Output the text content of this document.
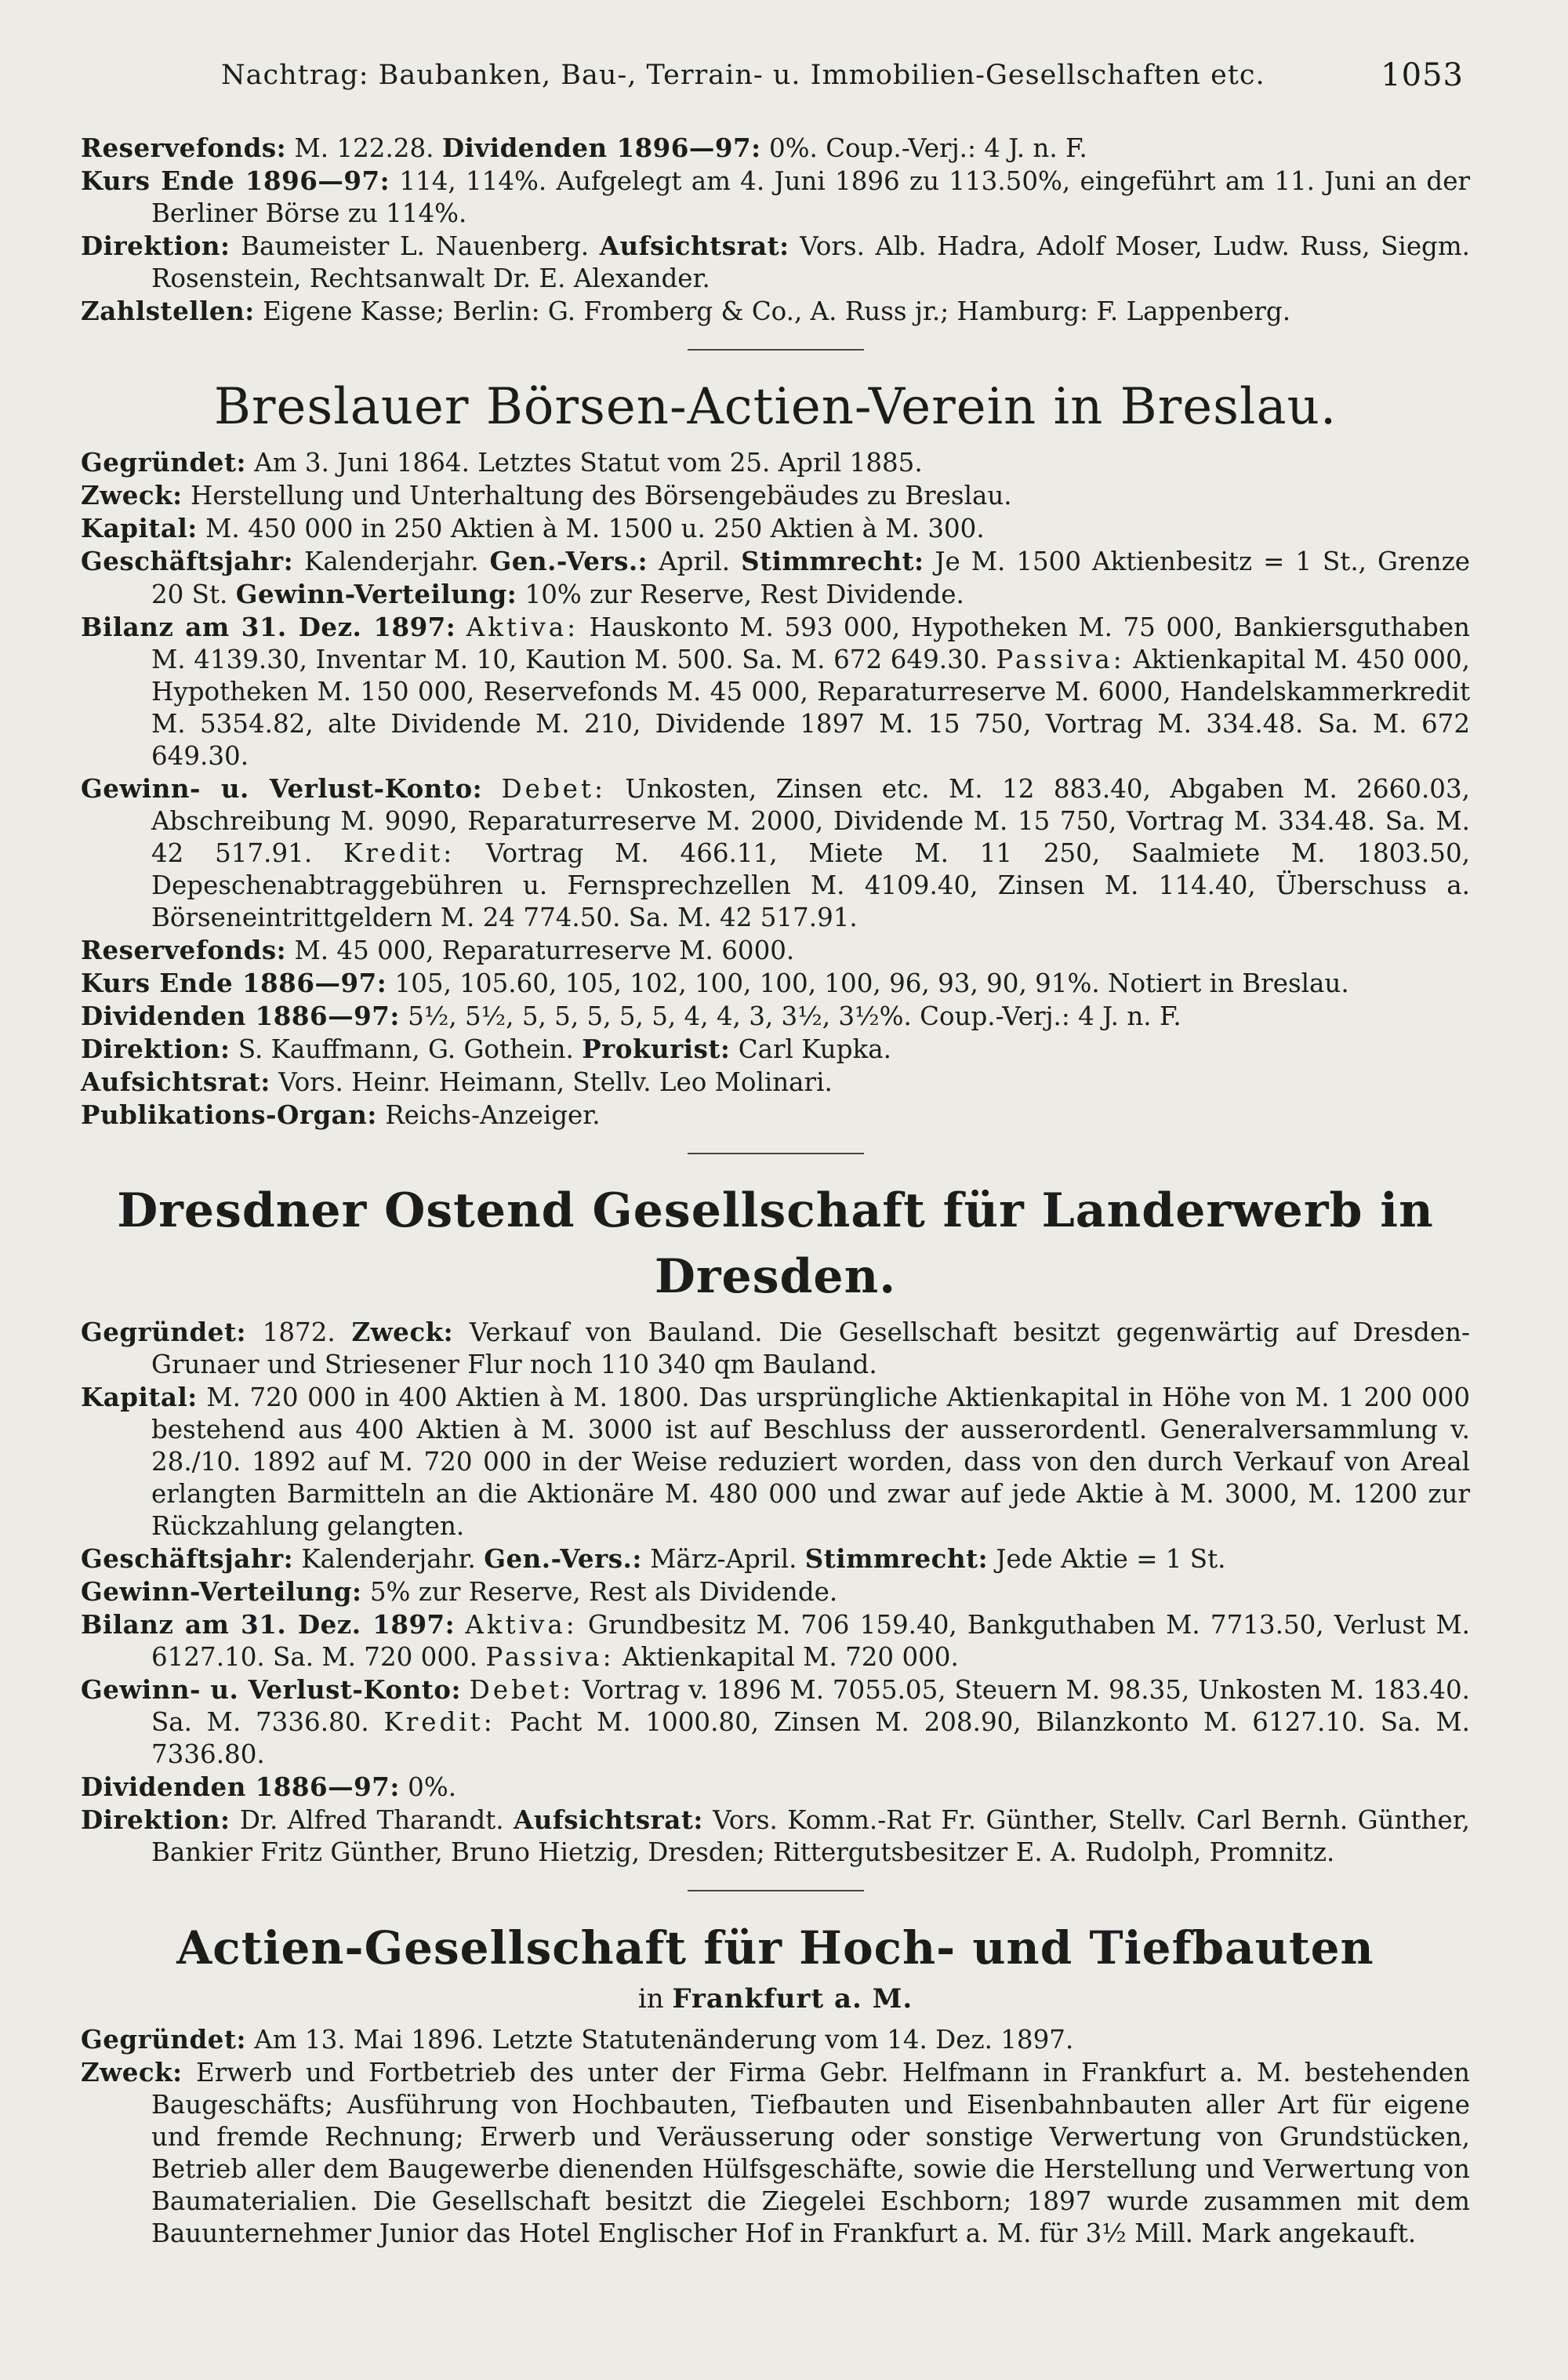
Nachtrag: Baubanken, Bau-, Terrain- u. Immobilien-Gesellschaften etc.	1053

Reservefonds: M. 122.28. Dividenden 1896—97: 0%. Coup.-Verj.: 4 J. n. F.

Kurs Ende 1896—97: 114, 114%. Aufgelegt am 4. Juni 1896 zu 113.50%, eingeführt am 11. Juni an der Berliner Börse zu 114%.

Direktion: Baumeister L. Nauenberg. Aufsichtsrat: Vors. Alb. Hadra, Adolf Moser, Ludw. Russ, Siegm. Rosenstein, Rechtsanwalt Dr. E. Alexander.

Zahlstellen: Eigene Kasse; Berlin: G. Fromberg & Co., A. Russ jr.; Hamburg: F. Lappenberg.

Breslauer Börsen-Actien-Verein in Breslau.

Gegründet: Am 3. Juni 1864. Letztes Statut vom 25. April 1885.

Zweck: Herstellung und Unterhaltung des Börsengebäudes zu Breslau.

Kapital: M. 450 000 in 250 Aktien à M. 1500 u. 250 Aktien à M. 300.

Geschäftsjahr: Kalenderjahr. Gen.-Vers.: April. Stimmrecht: Je M. 1500 Aktienbesitz = 1 St., Grenze 20 St. Gewinn-Verteilung: 10% zur Reserve, Rest Dividende.

Bilanz am 31. Dez. 1897: Aktiva: Hauskonto M. 593 000, Hypotheken M. 75 000, Bankiersguthaben M. 4139.30, Inventar M. 10, Kaution M. 500. Sa. M. 672 649.30. Passiva: Aktienkapital M. 450 000, Hypotheken M. 150 000, Reservefonds M. 45 000, Reparaturreserve M. 6000, Handelskammerkredit M. 5354.82, alte Dividende M. 210, Dividende 1897 M. 15 750, Vortrag M. 334.48. Sa. M. 672 649.30.

Gewinn- u. Verlust-Konto: Debet: Unkosten, Zinsen etc. M. 12 883.40, Abgaben M. 2660.03, Abschreibung M. 9090, Reparaturreserve M. 2000, Dividende M. 15 750, Vortrag M. 334.48. Sa. M. 42 517.91. Kredit: Vortrag M. 466.11, Miete M. 11 250, Saalmiete M. 1803.50, Depeschenabtraggebühren u. Fernsprechzellen M. 4109.40, Zinsen M. 114.40, Überschuss a. Börseneintrittgeldern M. 24 774.50. Sa. M. 42 517.91.

Reservefonds: M. 45 000, Reparaturreserve M. 6000.

Kurs Ende 1886—97: 105, 105.60, 105, 102, 100, 100, 100, 96, 93, 90, 91%. Notiert in Breslau.

Dividenden 1886—97: 5½, 5½, 5, 5, 5, 5, 5, 4, 4, 3, 3½, 3½%. Coup.-Verj.: 4 J. n. F.

Direktion: S. Kauffmann, G. Gothein. Prokurist: Carl Kupka.

Aufsichtsrat: Vors. Heinr. Heimann, Stellv. Leo Molinari.

Publikations-Organ: Reichs-Anzeiger.

Dresdner Ostend Gesellschaft für Landerwerb in Dresden.

Gegründet: 1872. Zweck: Verkauf von Bauland. Die Gesellschaft besitzt gegenwärtig auf Dresden-Grunaer und Striesener Flur noch 110 340 qm Bauland.

Kapital: M. 720 000 in 400 Aktien à M. 1800. Das ursprüngliche Aktienkapital in Höhe von M. 1 200 000 bestehend aus 400 Aktien à M. 3000 ist auf Beschluss der ausserordentl. Generalversammlung v. 28./10. 1892 auf M. 720 000 in der Weise reduziert worden, dass von den durch Verkauf von Areal erlangten Barmitteln an die Aktionäre M. 480 000 und zwar auf jede Aktie à M. 3000, M. 1200 zur Rückzahlung gelangten.

Geschäftsjahr: Kalenderjahr. Gen.-Vers.: März-April. Stimmrecht: Jede Aktie = 1 St.

Gewinn-Verteilung: 5% zur Reserve, Rest als Dividende.

Bilanz am 31. Dez. 1897: Aktiva: Grundbesitz M. 706 159.40, Bankguthaben M. 7713.50, Verlust M. 6127.10. Sa. M. 720 000. Passiva: Aktienkapital M. 720 000.

Gewinn- u. Verlust-Konto: Debet: Vortrag v. 1896 M. 7055.05, Steuern M. 98.35, Unkosten M. 183.40. Sa. M. 7336.80. Kredit: Pacht M. 1000.80, Zinsen M. 208.90, Bilanzkonto M. 6127.10. Sa. M. 7336.80.

Dividenden 1886—97: 0%.

Direktion: Dr. Alfred Tharandt. Aufsichtsrat: Vors. Komm.-Rat Fr. Günther, Stellv. Carl Bernh. Günther, Bankier Fritz Günther, Bruno Hietzig, Dresden; Rittergutsbesitzer E. A. Rudolph, Promnitz.

Actien-Gesellschaft für Hoch- und Tiefbauten
in Frankfurt a. M.

Gegründet: Am 13. Mai 1896. Letzte Statutenänderung vom 14. Dez. 1897.

Zweck: Erwerb und Fortbetrieb des unter der Firma Gebr. Helfmann in Frankfurt a. M. bestehenden Baugeschäfts; Ausführung von Hochbauten, Tiefbauten und Eisenbahnbauten aller Art für eigene und fremde Rechnung; Erwerb und Veräusserung oder sonstige Verwertung von Grundstücken, Betrieb aller dem Baugewerbe dienenden Hülfsgeschäfte, sowie die Herstellung und Verwertung von Baumaterialien. Die Gesellschaft besitzt die Ziegelei Eschborn; 1897 wurde zusammen mit dem Bauunternehmer Junior das Hotel Englischer Hof in Frankfurt a. M. für 3½ Mill. Mark angekauft.
